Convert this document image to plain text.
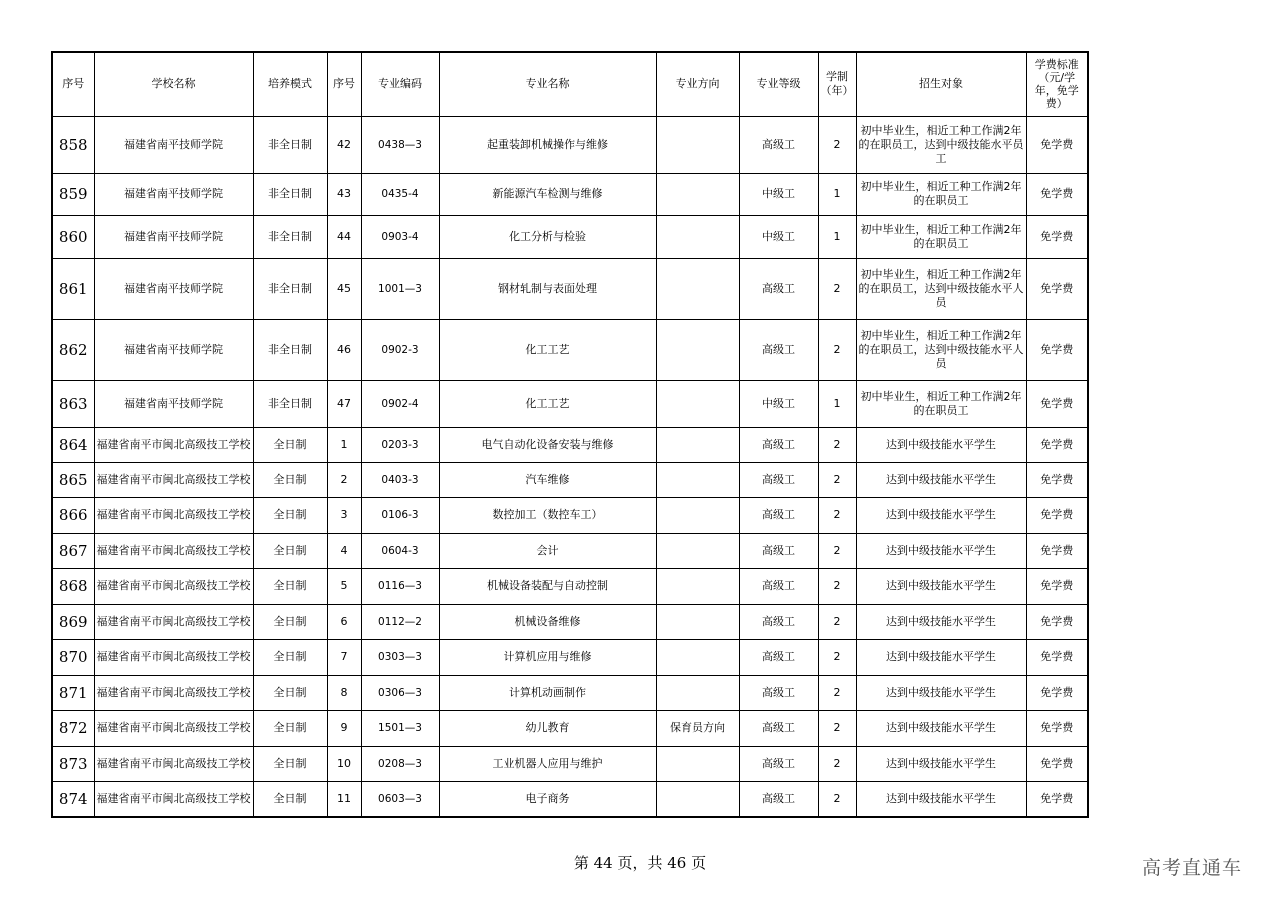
序号	学校名称	培养模式	序号	专业编码	专业名称	专业方向	专业等级	学制（年）	招生对象	学费标准（元/学年，免学费）
858	福建省南平技师学院	非全日制	42	0438—3	起重装卸机械操作与维修		高级工	2	初中毕业生，相近工种工作满2年的在职员工，达到中级技能水平员工	免学费
859	福建省南平技师学院	非全日制	43	0435-4	新能源汽车检测与维修		中级工	1	初中毕业生，相近工种工作满2年的在职员工	免学费
860	福建省南平技师学院	非全日制	44	0903-4	化工分析与检验		中级工	1	初中毕业生，相近工种工作满2年的在职员工	免学费
861	福建省南平技师学院	非全日制	45	1001—3	钢材轧制与表面处理		高级工	2	初中毕业生，相近工种工作满2年的在职员工，达到中级技能水平人员	免学费
862	福建省南平技师学院	非全日制	46	0902-3	化工工艺		高级工	2	初中毕业生，相近工种工作满2年的在职员工，达到中级技能水平人员	免学费
863	福建省南平技师学院	非全日制	47	0902-4	化工工艺		中级工	1	初中毕业生，相近工种工作满2年的在职员工	免学费
864	福建省南平市闽北高级技工学校	全日制	1	0203-3	电气自动化设备安装与维修		高级工	2	达到中级技能水平学生	免学费
865	福建省南平市闽北高级技工学校	全日制	2	0403-3	汽车维修		高级工	2	达到中级技能水平学生	免学费
866	福建省南平市闽北高级技工学校	全日制	3	0106-3	数控加工（数控车工）		高级工	2	达到中级技能水平学生	免学费
867	福建省南平市闽北高级技工学校	全日制	4	0604-3	会计		高级工	2	达到中级技能水平学生	免学费
868	福建省南平市闽北高级技工学校	全日制	5	0116—3	机械设备装配与自动控制		高级工	2	达到中级技能水平学生	免学费
869	福建省南平市闽北高级技工学校	全日制	6	0112—2	机械设备维修		高级工	2	达到中级技能水平学生	免学费
870	福建省南平市闽北高级技工学校	全日制	7	0303—3	计算机应用与维修		高级工	2	达到中级技能水平学生	免学费
871	福建省南平市闽北高级技工学校	全日制	8	0306—3	计算机动画制作		高级工	2	达到中级技能水平学生	免学费
872	福建省南平市闽北高级技工学校	全日制	9	1501—3	幼儿教育	保育员方向	高级工	2	达到中级技能水平学生	免学费
873	福建省南平市闽北高级技工学校	全日制	10	0208—3	工业机器人应用与维护		高级工	2	达到中级技能水平学生	免学费
874	福建省南平市闽北高级技工学校	全日制	11	0603—3	电子商务		高级工	2	达到中级技能水平学生	免学费
第 44 页，共 46 页	高考直通车
